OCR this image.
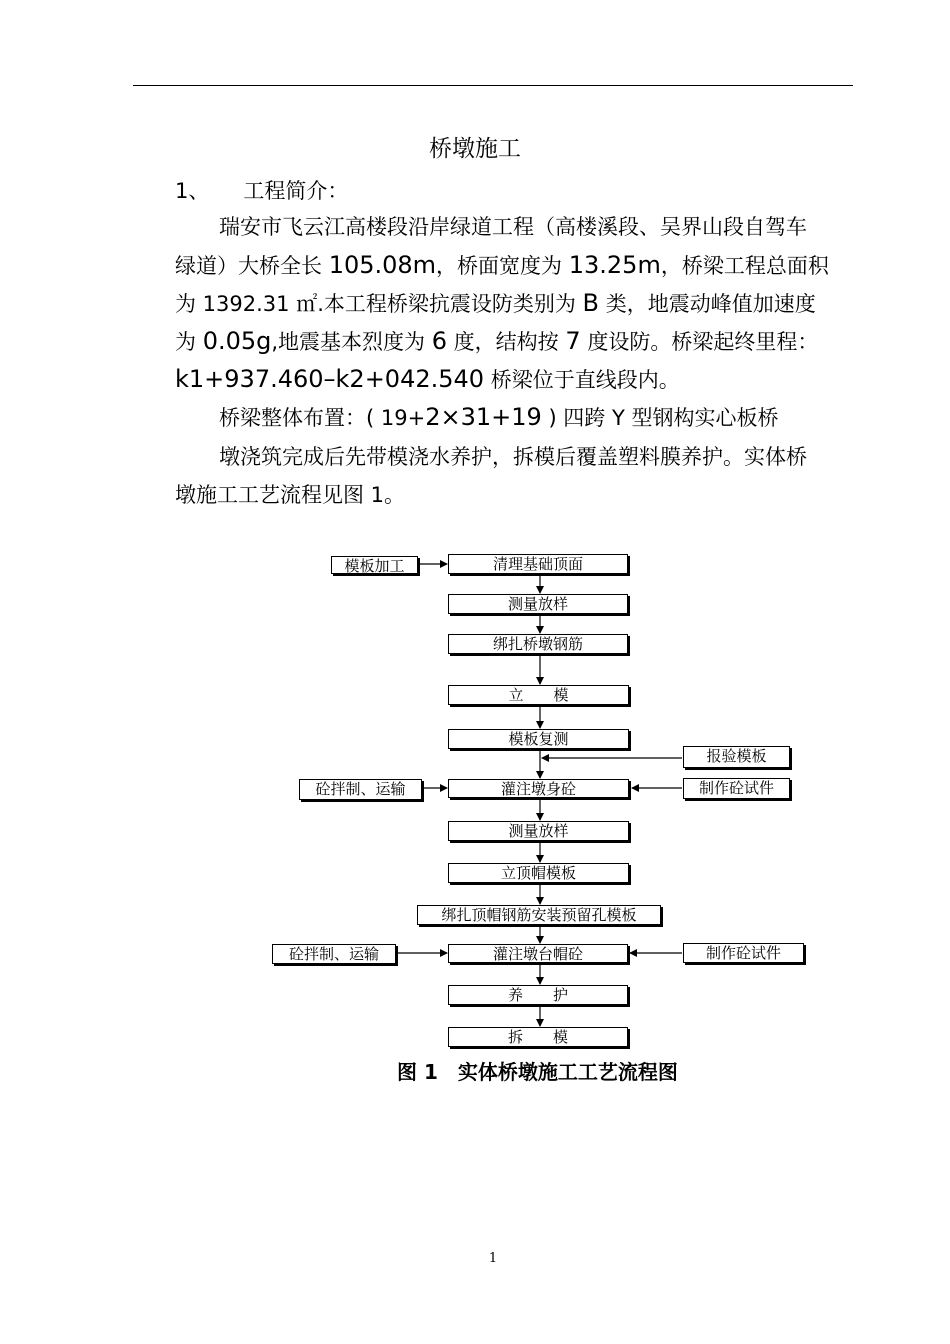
桥墩施工
1、 工程简介：
瑞安市飞云江高楼段沿岸绿道工程（高楼溪段、吴界山段自驾车
绿道）大桥全长 105.08m，桥面宽度为 13.25m，桥梁工程总面积
为 1392.31 ㎡.本工程桥梁抗震设防类别为 B 类，地震动峰值加速度
为 0.05g,地震基本烈度为 6 度，结构按 7 度设防。桥梁起终里程：
k1+937.460–k2+042.540 桥梁位于直线段内。
桥梁整体布置：( 19+2×31+19 ) 四跨 Y 型钢构实心板桥
墩浇筑完成后先带模浇水养护，拆模后覆盖塑料膜养护。实体桥
墩施工工艺流程见图 1。
清理基础顶面
测量放样
绑扎桥墩钢筋
立　　模
模板复测
灌注墩身砼
测量放样
立顶帽模板
绑扎顶帽钢筋安装预留孔模板
灌注墩台帽砼
养　　护
拆　　模
模板加工
报验模板
砼拌制、运输	制作砼试件
砼拌制、运输	制作砼试件
图 1　实体桥墩施工工艺流程图
1
